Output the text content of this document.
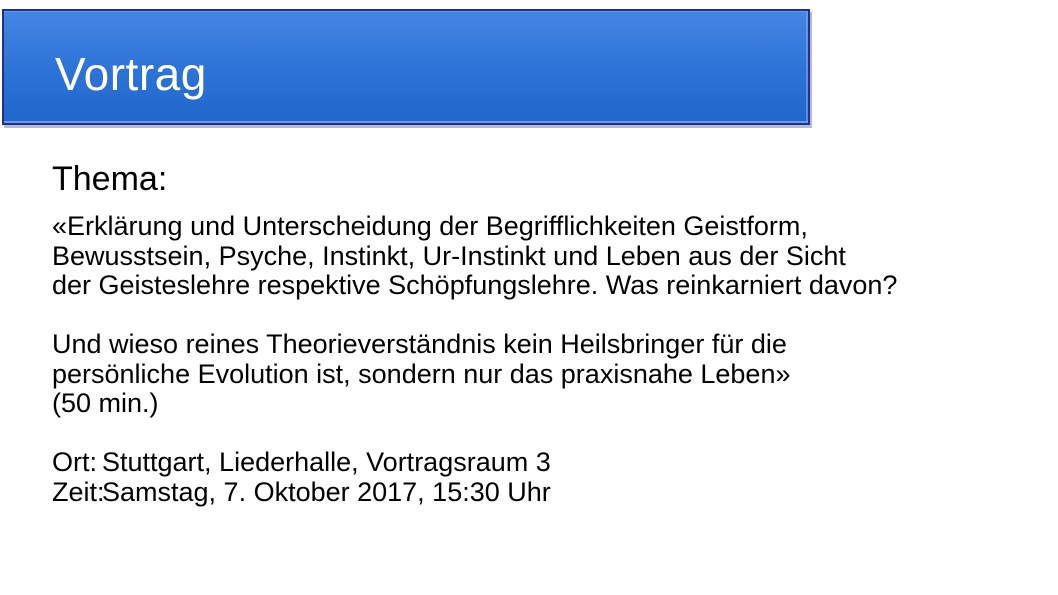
Vortrag
Thema:
«Erklärung und Unterscheidung der Begrifflichkeiten Geistform,
Bewusstsein, Psyche, Instinkt, Ur-Instinkt und Leben aus der Sicht
der Geisteslehre respektive Schöpfungslehre. Was reinkarniert davon?
Und wieso reines Theorieverständnis kein Heilsbringer für die
persönliche Evolution ist, sondern nur das praxisnahe Leben»
(50 min.)
Ort: Stuttgart, Liederhalle, Vortragsraum 3
Zeit:
Samstag, 7. Oktober 2017, 15:30 Uhr
